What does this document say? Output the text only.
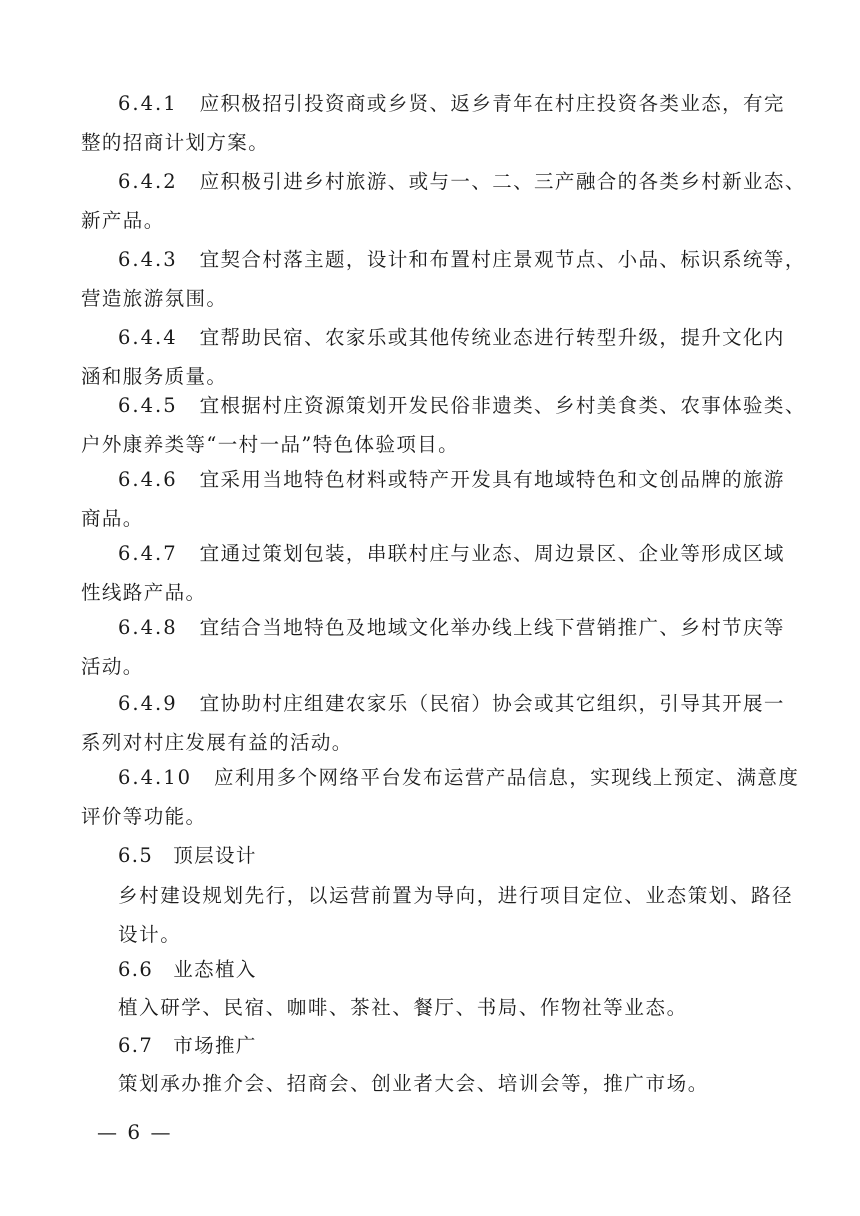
6.4.1 应积极招引投资商或乡贤、返乡青年在村庄投资各类业态，有完
整的招商计划方案。
6.4.2 应积极引进乡村旅游、或与一、二、三产融合的各类乡村新业态、
新产品。
6.4.3 宜契合村落主题，设计和布置村庄景观节点、小品、标识系统等，
营造旅游氛围。
6.4.4 宜帮助民宿、农家乐或其他传统业态进行转型升级，提升文化内
涵和服务质量。
6.4.5 宜根据村庄资源策划开发民俗非遗类、乡村美食类、农事体验类、
户外康养类等“一村一品”特色体验项目。
6.4.6 宜采用当地特色材料或特产开发具有地域特色和文创品牌的旅游
商品。
6.4.7 宜通过策划包装，串联村庄与业态、周边景区、企业等形成区域
性线路产品。
6.4.8 宜结合当地特色及地域文化举办线上线下营销推广、乡村节庆等
活动。
6.4.9 宜协助村庄组建农家乐（民宿）协会或其它组织，引导其开展一
系列对村庄发展有益的活动。
6.4.10 应利用多个网络平台发布运营产品信息，实现线上预定、满意度
评价等功能。
6.5 顶层设计
乡村建设规划先行，以运营前置为导向，进行项目定位、业态策划、路径
设计。
6.6 业态植入
植入研学、民宿、咖啡、茶社、餐厅、书局、作物社等业态。
6.7 市场推广
策划承办推介会、招商会、创业者大会、培训会等，推广市场。
— 6 —
